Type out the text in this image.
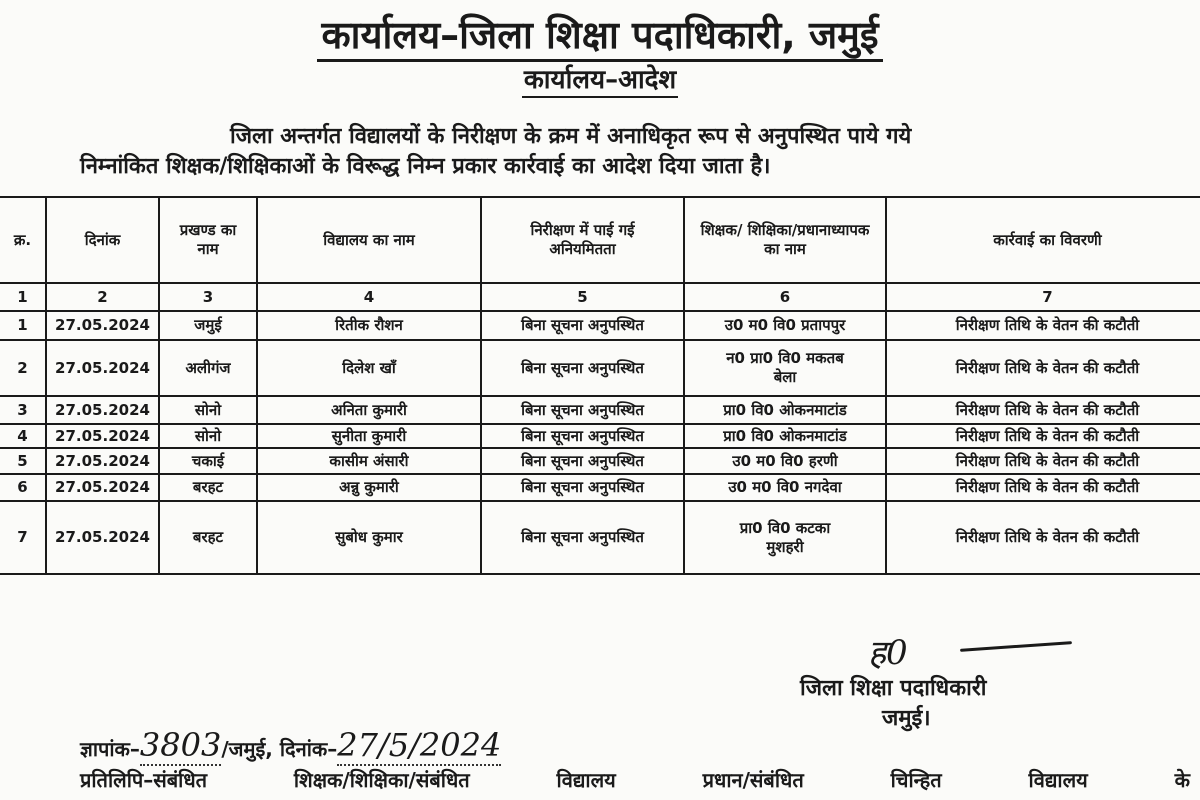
कार्यालय–जिला शिक्षा पदाधिकारी, जमुई
कार्यालय–आदेश
जिला अन्तर्गत विद्यालयों के निरीक्षण के क्रम में अनाधिकृत रूप से अनुपस्थित पाये गये
निम्नांकित शिक्षक/शिक्षिकाओं के विरूद्ध निम्न प्रकार कार्रवाई का आदेश दिया जाता है।
क्र.	दिनांक	प्रखण्ड का नाम	विद्यालय का नाम	निरीक्षण में पाई गई अनियमितता	शिक्षक/ शिक्षिका/प्रधानाध्यापक का नाम	कार्रवाई का विवरणी
1	2	3	4	5	6	7
1	27.05.2024	जमुई	रितीक रौशन	बिना सूचना अनुपस्थित	उ0 म0 वि0 प्रतापपुर	निरीक्षण तिथि के वेतन की कटौती
2	27.05.2024	अलीगंज	दिलेश खाँ	बिना सूचना अनुपस्थित	न0 प्रा0 वि0 मकतब बेला	निरीक्षण तिथि के वेतन की कटौती
3	27.05.2024	सोनो	अनिता कुमारी	बिना सूचना अनुपस्थित	प्रा0 वि0 ओकनमाटांड	निरीक्षण तिथि के वेतन की कटौती
4	27.05.2024	सोनो	सुनीता कुमारी	बिना सूचना अनुपस्थित	प्रा0 वि0 ओकनमाटांड	निरीक्षण तिथि के वेतन की कटौती
5	27.05.2024	चकाई	कासीम अंसारी	बिना सूचना अनुपस्थित	उ0 म0 वि0 हरणी	निरीक्षण तिथि के वेतन की कटौती
6	27.05.2024	बरहट	अन्नु कुमारी	बिना सूचना अनुपस्थित	उ0 म0 वि0 नगदेवा	निरीक्षण तिथि के वेतन की कटौती
7	27.05.2024	बरहट	सुबोध कुमार	बिना सूचना अनुपस्थित	प्रा0 वि0 कटका मुशहरी	निरीक्षण तिथि के वेतन की कटौती
ह0
जिला शिक्षा पदाधिकारी
जमुई।
ज्ञापांक–3803/जमुई, दिनांक–27/5/2024
प्रतिलिपि–संबंधित	शिक्षक/शिक्षिका/संबंधित	विद्यालय	प्रधान/संबंधित	चिन्हित	विद्यालय	के
